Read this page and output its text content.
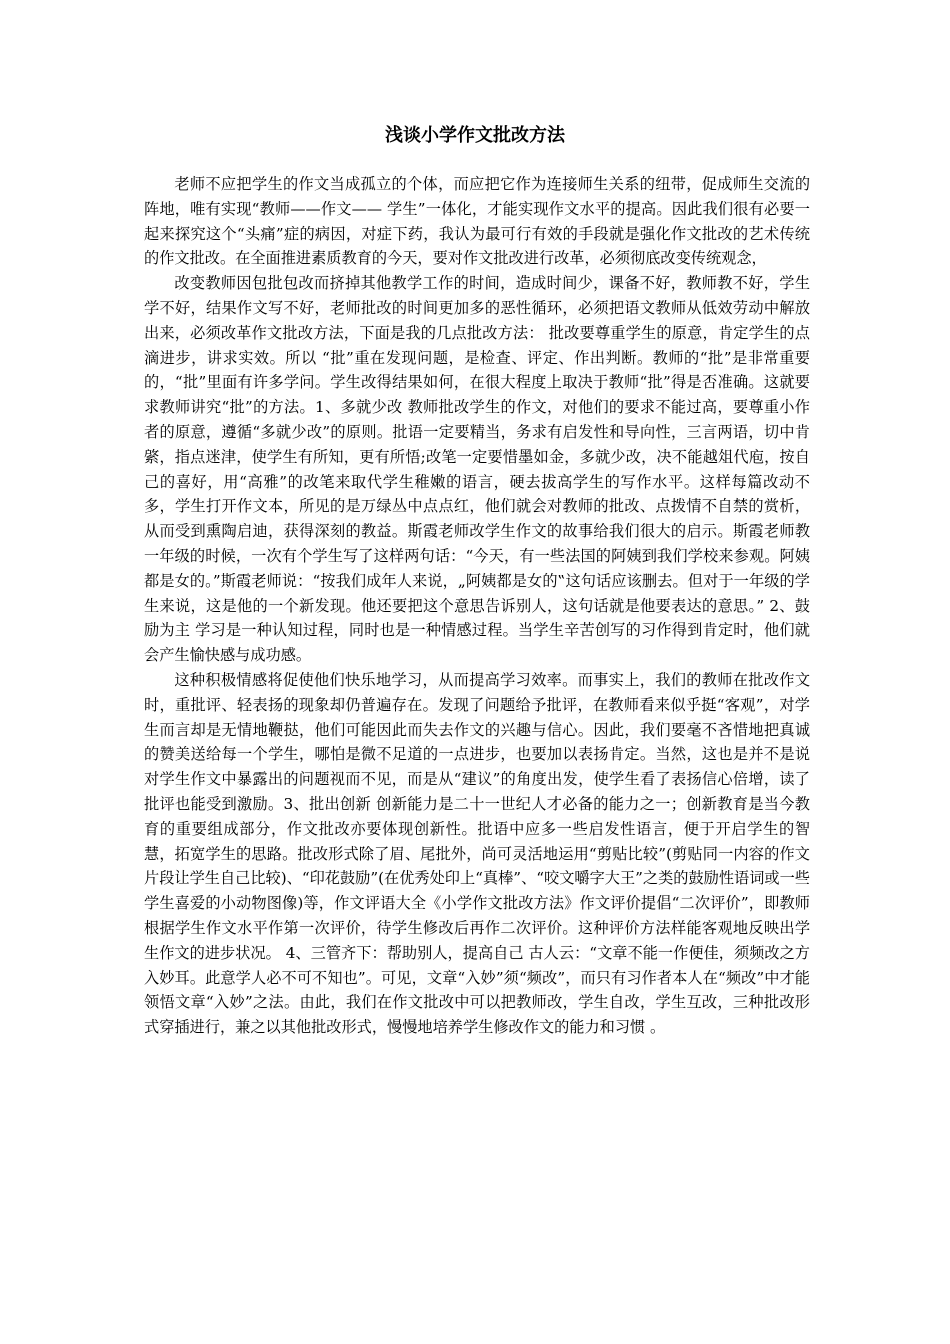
浅谈小学作文批改方法

老师不应把学生的作文当成孤立的个体，而应把它作为连接师生关系的纽带，促成师生交流的阵地，唯有实现“教师——作文—— 学生”一体化，才能实现作文水平的提高。因此我们很有必要一起来探究这个“头痛”症的病因，对症下药，我认为最可行有效的手段就是强化作文批改的艺术传统的作文批改。在全面推进素质教育的今天，要对作文批改进行改革，必须彻底改变传统观念，

改变教师因包批包改而挤掉其他教学工作的时间，造成时间少，课备不好，教师教不好，学生学不好，结果作文写不好，老师批改的时间更加多的恶性循环，必须把语文教师从低效劳动中解放出来，必须改革作文批改方法，下面是我的几点批改方法： 批改要尊重学生的原意，肯定学生的点滴进步，讲求实效。所以 “批”重在发现问题，是检查、评定、作出判断。教师的“批”是非常重要的，“批”里面有许多学问。学生改得结果如何，在很大程度上取决于教师“批”得是否准确。这就要求教师讲究“批”的方法。1、多就少改 教师批改学生的作文，对他们的要求不能过高，要尊重小作者的原意，遵循“多就少改”的原则。批语一定要精当，务求有启发性和导向性，三言两语，切中肯綮，指点迷津，使学生有所知，更有所悟;改笔一定要惜墨如金，多就少改，决不能越俎代庖，按自己的喜好，用“高雅”的改笔来取代学生稚嫩的语言，硬去拔高学生的写作水平。这样每篇改动不多，学生打开作文本，所见的是万绿丛中点点红，他们就会对教师的批改、点拨情不自禁的赏析，从而受到熏陶启迪，获得深刻的教益。斯霞老师改学生作文的故事给我们很大的启示。斯霞老师教一年级的时候，一次有个学生写了这样两句话：“今天，有一些法国的阿姨到我们学校来参观。阿姨都是女的。”斯霞老师说：“按我们成年人来说，„阿姨都是女的‟这句话应该删去。但对于一年级的学生来说，这是他的一个新发现。他还要把这个意思告诉别人，这句话就是他要表达的意思。” 2、鼓励为主 学习是一种认知过程，同时也是一种情感过程。当学生辛苦创写的习作得到肯定时，他们就会产生愉快感与成功感。

这种积极情感将促使他们快乐地学习，从而提高学习效率。而事实上，我们的教师在批改作文时，重批评、轻表扬的现象却仍普遍存在。发现了问题给予批评，在教师看来似乎挺“客观”，对学生而言却是无情地鞭挞，他们可能因此而失去作文的兴趣与信心。因此，我们要毫不吝惜地把真诚的赞美送给每一个学生，哪怕是微不足道的一点进步，也要加以表扬肯定。当然，这也是并不是说对学生作文中暴露出的问题视而不见，而是从“建议”的角度出发，使学生看了表扬信心倍增，读了批评也能受到激励。3、批出创新 创新能力是二十一世纪人才必备的能力之一；创新教育是当今教育的重要组成部分，作文批改亦要体现创新性。批语中应多一些启发性语言，便于开启学生的智慧，拓宽学生的思路。批改形式除了眉、尾批外，尚可灵活地运用“剪贴比较”(剪贴同一内容的作文片段让学生自己比较)、“印花鼓励”(在优秀处印上“真棒”、“咬文嚼字大王”之类的鼓励性语词或一些学生喜爱的小动物图像)等，作文评语大全《小学作文批改方法》作文评价提倡“二次评价”，即教师根据学生作文水平作第一次评价，待学生修改后再作二次评价。这种评价方法样能客观地反映出学生作文的进步状况。 4、三管齐下：帮助别人，提高自己 古人云：“文章不能一作便佳，须频改之方入妙耳。此意学人必不可不知也”。可见，文章“入妙”须“频改”，而只有习作者本人在“频改”中才能领悟文章“入妙”之法。由此，我们在作文批改中可以把教师改，学生自改，学生互改，三种批改形式穿插进行，兼之以其他批改形式，慢慢地培养学生修改作文的能力和习惯 。
